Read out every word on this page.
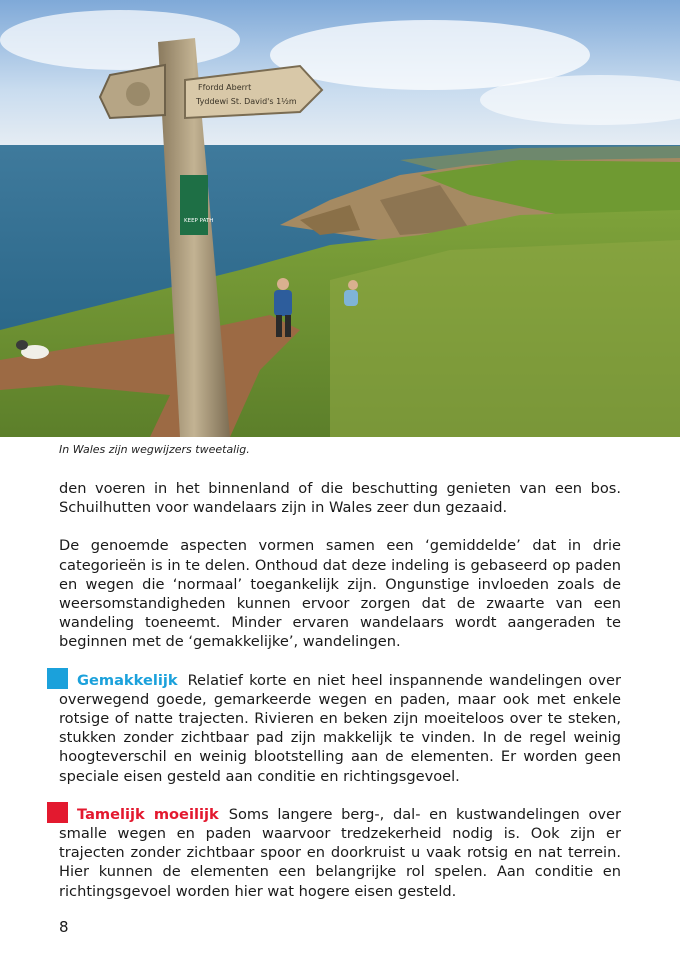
Ffordd Aberrt
Tyddewi St. David's 1½m
KEEP PATH
In Wales zijn wegwijzers tweetalig.

den voeren in het binnenland of die beschutting genieten van een bos. Schuilhutten voor wandelaars zijn in Wales zeer dun gezaaid.

De genoemde aspecten vormen samen een ‘gemiddelde’ dat in drie categorieën is in te delen. Onthoud dat deze indeling is gebaseerd op paden en wegen die ‘normaal’ toegankelijk zijn. Ongunstige invloeden zoals de weersomstandigheden kunnen ervoor zorgen dat de zwaarte van een wandeling toeneemt. Minder ervaren wandelaars wordt aangeraden te beginnen met de ‘gemakkelijke’, wandelingen.

Gemakkelijk Relatief korte en niet heel inspannende wandelingen over overwegend goede, gemarkeerde wegen en paden, maar ook met enkele rotsige of natte trajecten. Rivieren en beken zijn moeiteloos over te steken, stukken zonder zichtbaar pad zijn makkelijk te vinden. In de regel weinig hoogteverschil en weinig blootstelling aan de elementen. Er worden geen speciale eisen gesteld aan conditie en richtingsgevoel.

Tamelijk moeilijk Soms langere berg-, dal- en kustwandelingen over smalle wegen en paden waarvoor tredzekerheid nodig is. Ook zijn er trajecten zonder zichtbaar spoor en doorkruist u vaak rotsig en nat terrein. Hier kunnen de elementen een belangrijke rol spelen. Aan conditie en richtingsgevoel worden hier wat hogere eisen gesteld.

8
